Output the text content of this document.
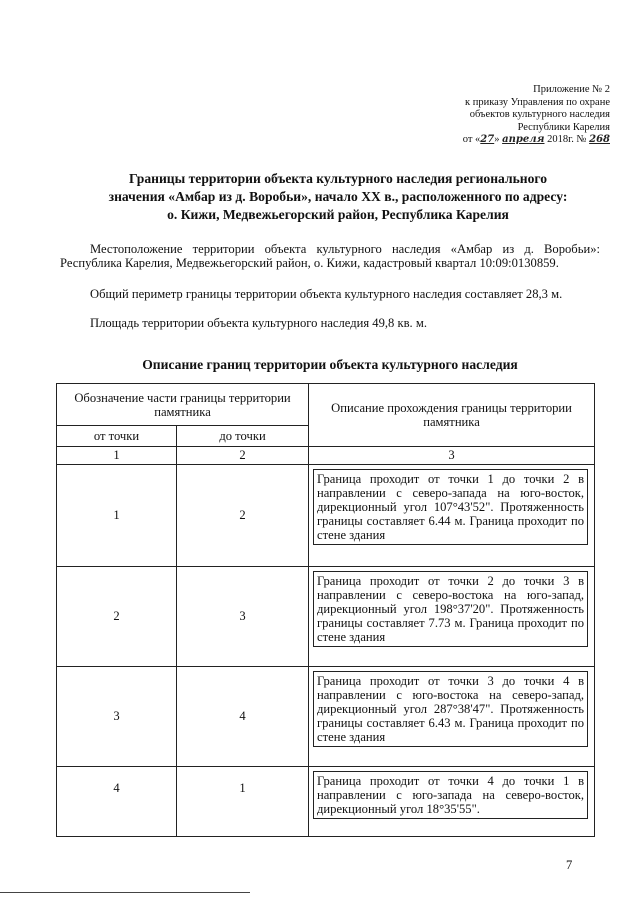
Приложение № 2
к приказу Управления по охране
объектов культурного наследия
Республики Карелия
от «27» апреля 2018г. № 268
Границы территории объекта культурного наследия регионального
значения «Амбар из д. Воробьи», начало XX в., расположенного по адресу:
о. Кижи, Медвежьегорский район, Республика Карелия
Местоположение территории объекта культурного наследия «Амбар из д. Воробьи»: Республика Карелия, Медвежьегорский район, о. Кижи, кадастровый квартал 10:09:0130859.
Общий периметр границы территории объекта культурного наследия составляет 28,3 м.
Площадь территории объекта культурного наследия 49,8 кв. м.
Описание границ территории объекта культурного наследия
Обозначение части границы территории памятника		Описание прохождения границы территории памятника
от точки	до точки	
1	2	3
1	2	Граница проходит от точки 1 до точки 2 в направлении с северо-запада на юго-восток, дирекционный угол 107°43'52". Протяженность границы составляет 6.44 м. Граница проходит по стене здания

2	3	Граница проходит от точки 2 до точки 3 в направлении с северо-востока на юго-запад, дирекционный угол 198°37'20". Протяженность границы составляет 7.73 м. Граница проходит по стене здания

3	4	Граница проходит от точки 3 до точки 4 в направлении с юго-востока на северо-запад, дирекционный угол 287°38'47". Протяженность границы составляет 6.43 м. Граница проходит по стене здания

4	1	Граница проходит от точки 4 до точки 1 в направлении с юго-запада на северо-восток, дирекционный угол 18°35'55".
7
